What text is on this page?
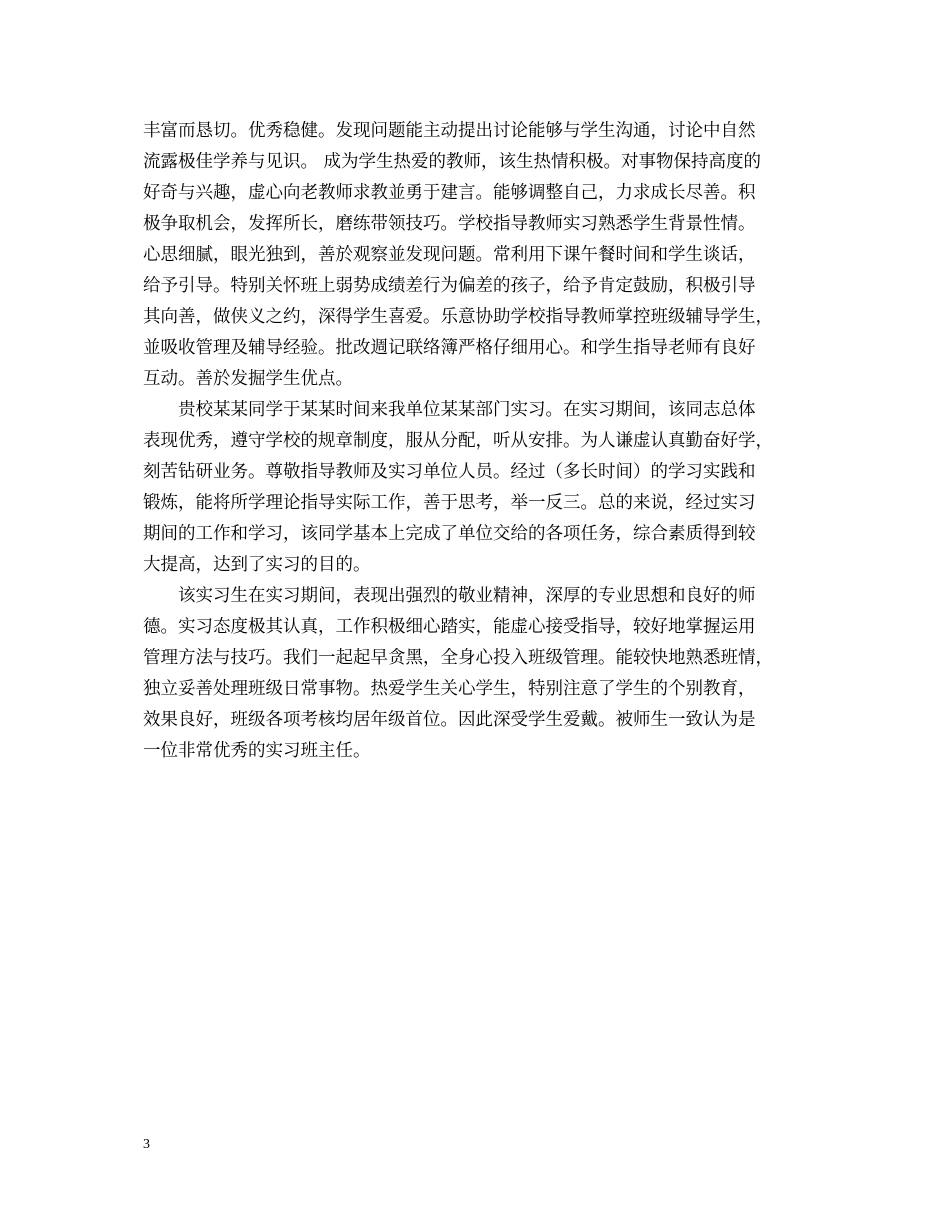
丰富而恳切。优秀稳健。发现问题能主动提出讨论能够与学生沟通，讨论中自然
流露极佳学养与见识。 成为学生热爱的教师，该生热情积极。对事物保持高度的
好奇与兴趣，虚心向老教师求教並勇于建言。能够调整自己，力求成长尽善。积
极争取机会，发挥所长，磨练带领技巧。学校指导教师实习熟悉学生背景性情。
心思细腻，眼光独到，善於观察並发现问题。常利用下课午餐时间和学生谈话，
给予引导。特别关怀班上弱势成绩差行为偏差的孩子，给予肯定鼓励，积极引导
其向善，做侠义之约，深得学生喜爱。乐意协助学校指导教师掌控班级辅导学生，
並吸收管理及辅导经验。批改週记联络簿严格仔细用心。和学生指导老师有良好
互动。善於发掘学生优点。
　　贵校某某同学于某某时间来我单位某某部门实习。在实习期间，该同志总体
表现优秀，遵守学校的规章制度，服从分配，听从安排。为人谦虚认真勤奋好学，
刻苦钻研业务。尊敬指导教师及实习单位人员。经过（多长时间）的学习实践和
锻炼，能将所学理论指导实际工作，善于思考，举一反三。总的来说，经过实习
期间的工作和学习，该同学基本上完成了单位交给的各项任务，综合素质得到较
大提高，达到了实习的目的。
　　该实习生在实习期间，表现出强烈的敬业精神，深厚的专业思想和良好的师
德。实习态度极其认真，工作积极细心踏实，能虚心接受指导，较好地掌握运用
管理方法与技巧。我们一起起早贪黑，全身心投入班级管理。能较快地熟悉班情，
独立妥善处理班级日常事物。热爱学生关心学生，特别注意了学生的个别教育，
效果良好，班级各项考核均居年级首位。因此深受学生爱戴。被师生一致认为是
一位非常优秀的实习班主任。
3
